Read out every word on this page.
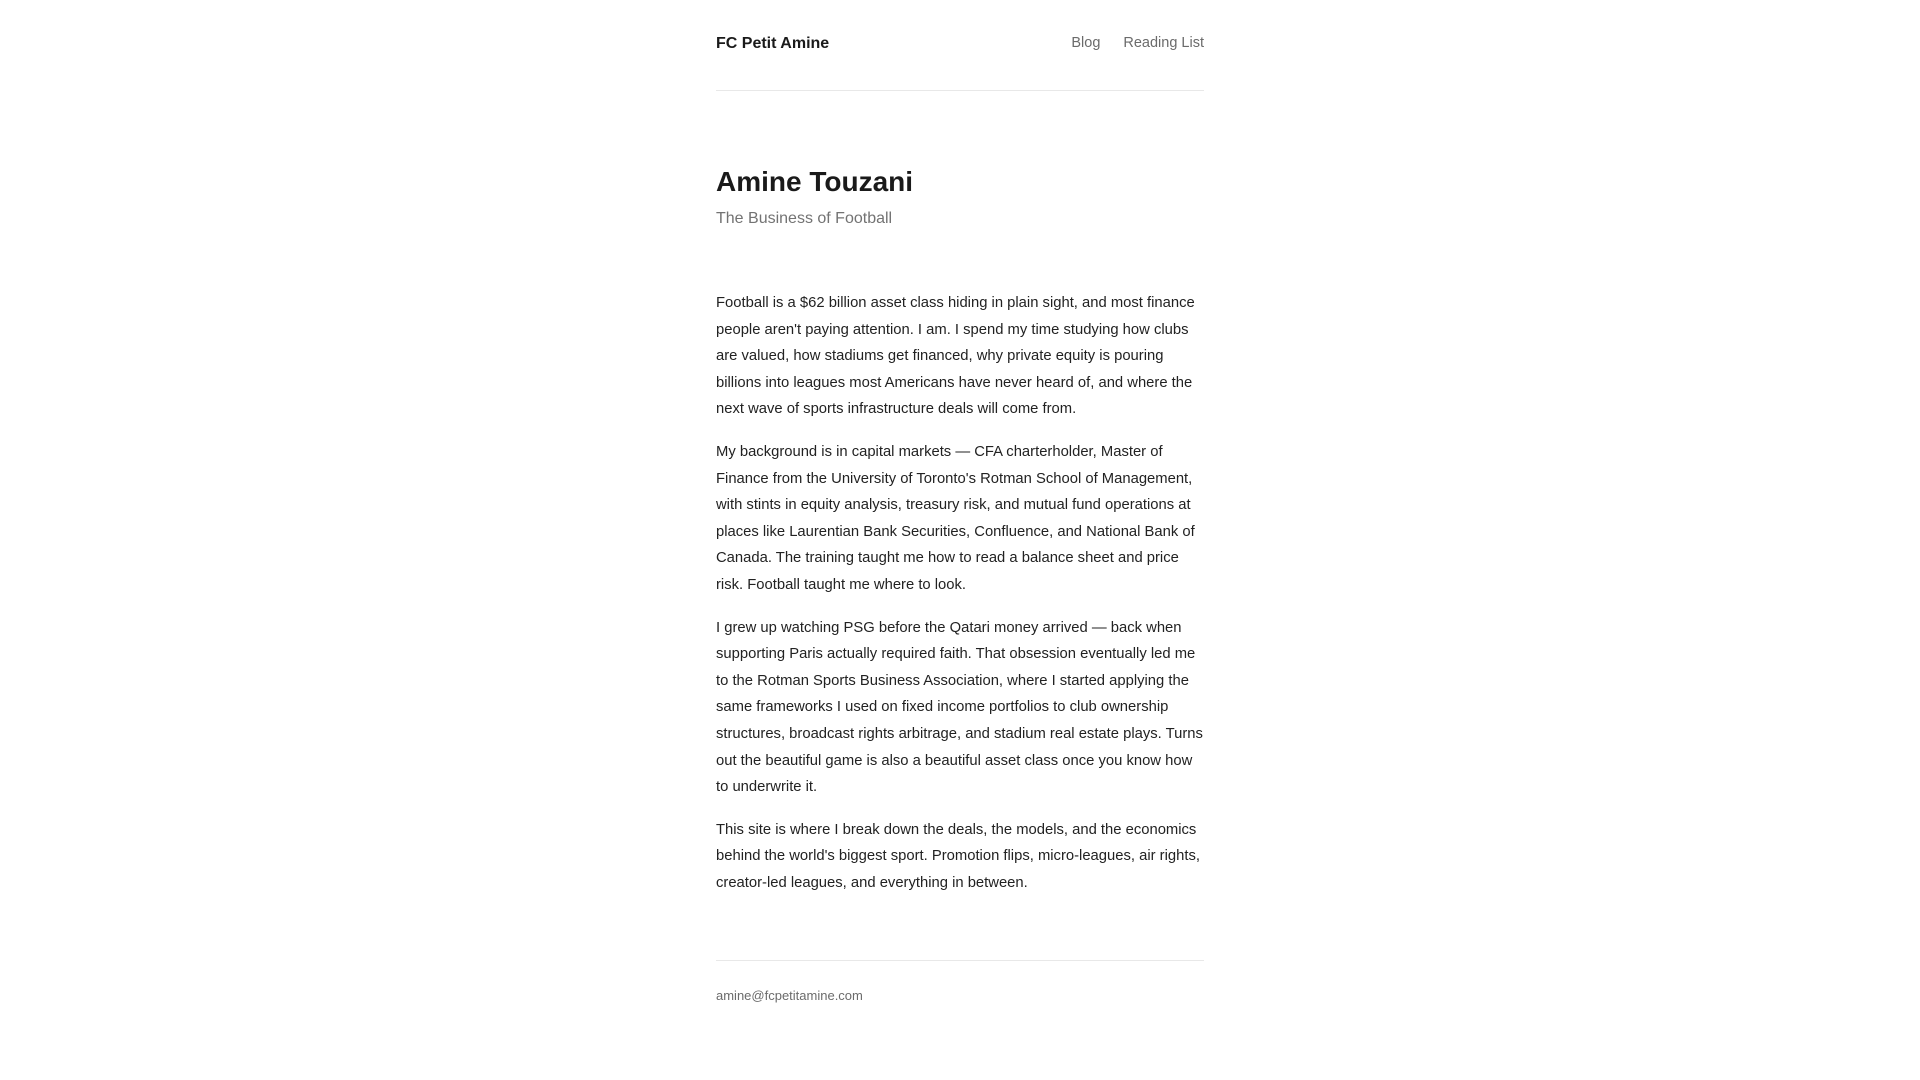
FC Petit Amine	Blog Reading List
Amine Touzani

The Business of Football

Football is a $62 billion asset class hiding in plain sight, and most finance people aren't paying attention. I am. I spend my time studying how clubs are valued, how stadiums get financed, why private equity is pouring billions into leagues most Americans have never heard of, and where the next wave of sports infrastructure deals will come from.

My background is in capital markets — CFA charterholder, Master of Finance from the University of Toronto's Rotman School of Management, with stints in equity analysis, treasury risk, and mutual fund operations at places like Laurentian Bank Securities, Confluence, and National Bank of Canada. The training taught me how to read a balance sheet and price risk. Football taught me where to look.

I grew up watching PSG before the Qatari money arrived — back when supporting Paris actually required faith. That obsession eventually led me to the Rotman Sports Business Association, where I started applying the same frameworks I used on fixed income portfolios to club ownership structures, broadcast rights arbitrage, and stadium real estate plays. Turns out the beautiful game is also a beautiful asset class once you know how to underwrite it.

This site is where I break down the deals, the models, and the economics behind the world's biggest sport. Promotion flips, micro-leagues, air rights, creator-led leagues, and everything in between.

amine@fcpetitamine.com
